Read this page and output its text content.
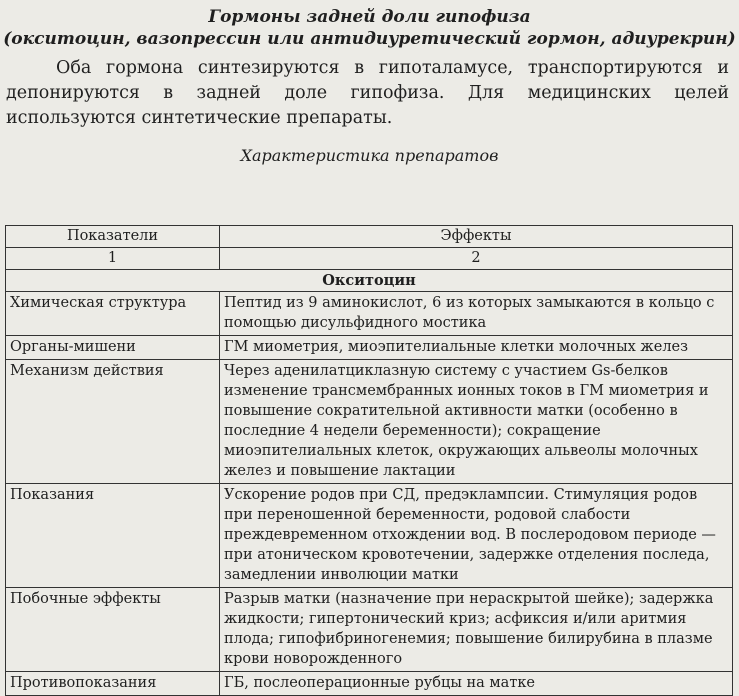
Гормоны задней доли гипофиза

(окситоцин, вазопрессин или антидиуретический гормон, адиурекрин)

Оба гормона синтезируются в гипоталамусе, транспортируются и депонируются в задней доле гипофиза. Для медицинских целей используются синтетические препараты.

Характеристика препаратов
Показатели	Эффекты
1	2
Окситоцин	
Химическая структура	Пептид из 9 аминокислот, 6 из которых замыкаются в кольцо с помощью дисульфидного мостика
Органы-мишени	ГМ миометрия, миоэпителиальные клетки молочных желез
Механизм действия	Через аденилатциклазную систему с участием Gs-белков изменение трансмембранных ионных токов в ГМ миометрия и повышение сократительной активности матки (особенно в последние 4 недели беременности); сокращение миоэпителиальных клеток, окружающих альвеолы молочных желез и повышение лактации
Показания	Ускорение родов при СД, предэклампсии. Стимуляция родов при переношенной беременности, родовой слабости преждевременном отхождении вод. В послеродовом периоде — при атоническом кровотечении, задержке отделения последа, замедлении инволюции матки
Побочные эффекты	Разрыв матки (назначение при нераскрытой шейке); задержка жидкости; гипертонический криз; асфиксия и/или аритмия плода; гипофибриногенемия; повышение билирубина в плазме крови новорожденного
Противопоказания	ГБ, послеоперационные рубцы на матке
